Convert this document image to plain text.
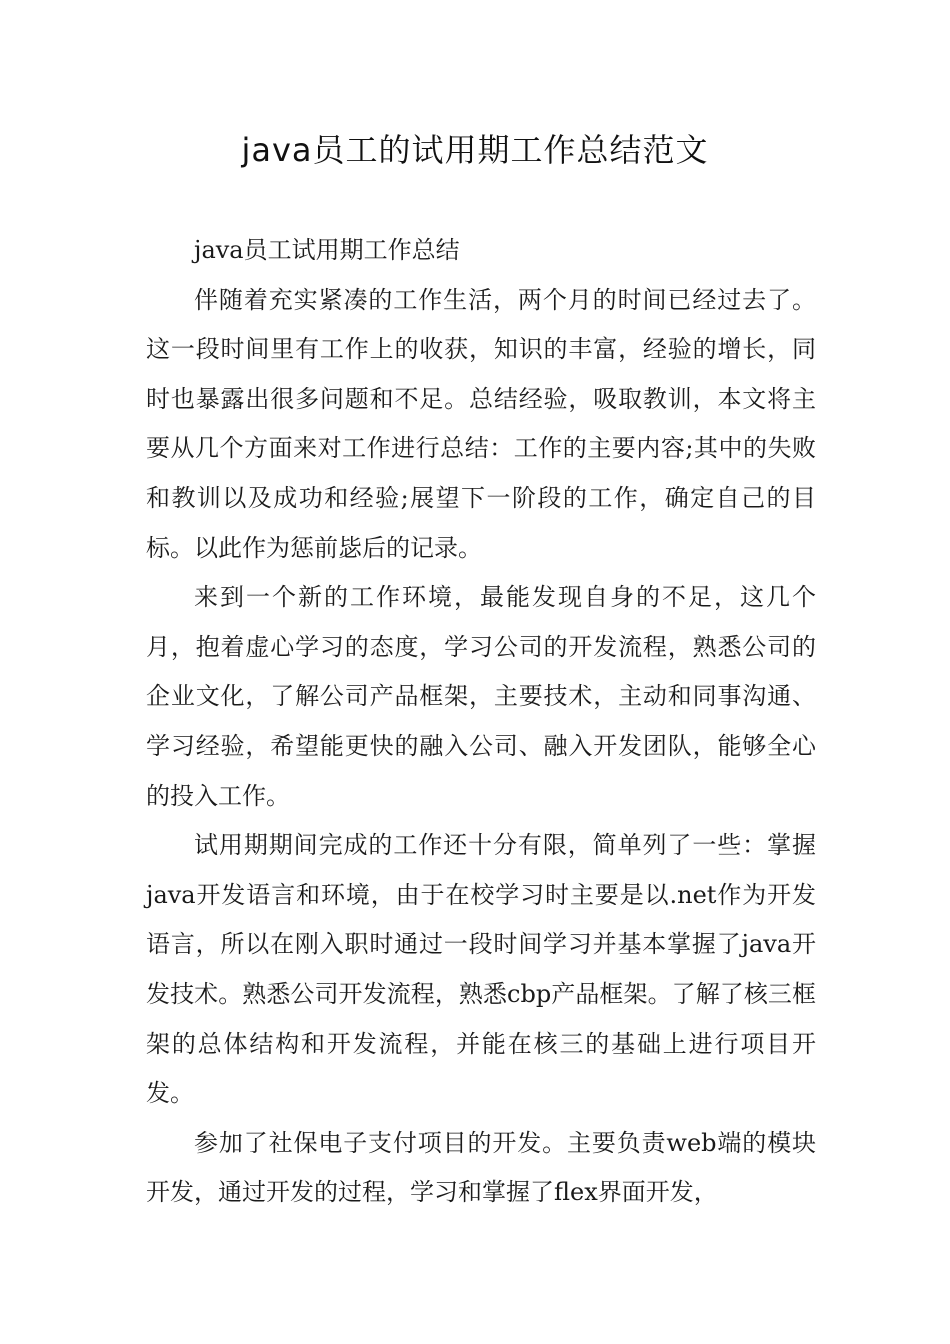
java员工的试用期工作总结范文

java员工试用期工作总结

伴随着充实紧凑的工作生活，两个月的时间已经过去了。这一段时间里有工作上的收获，知识的丰富，经验的增长，同时也暴露出很多问题和不足。总结经验，吸取教训，本文将主要从几个方面来对工作进行总结：工作的主要内容;其中的失败和教训以及成功和经验;展望下一阶段的工作，确定自己的目标。以此作为惩前毖后的记录。

来到一个新的工作环境，最能发现自身的不足，这几个月，抱着虚心学习的态度，学习公司的开发流程，熟悉公司的企业文化，了解公司产品框架，主要技术，主动和同事沟通、学习经验，希望能更快的融入公司、融入开发团队，能够全心的投入工作。

试用期期间完成的工作还十分有限，简单列了一些：掌握java开发语言和环境，由于在校学习时主要是以.net作为开发语言，所以在刚入职时通过一段时间学习并基本掌握了java开发技术。熟悉公司开发流程，熟悉cbp产品框架。了解了核三框架的总体结构和开发流程，并能在核三的基础上进行项目开发。

参加了社保电子支付项目的开发。主要负责web端的模块开发，通过开发的过程，学习和掌握了flex界面开发，
